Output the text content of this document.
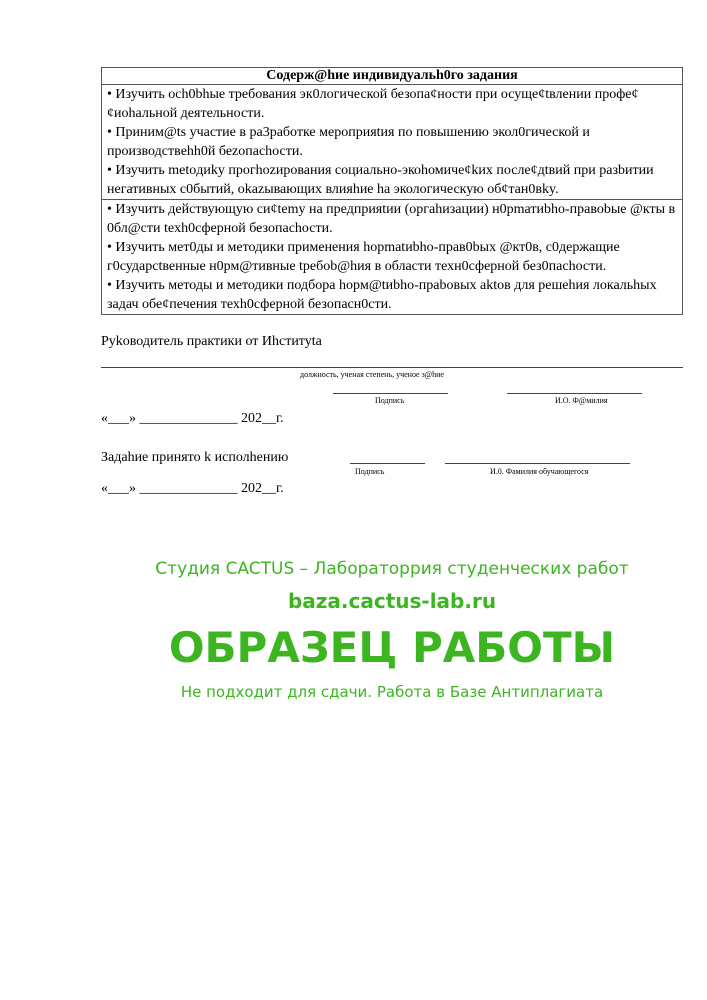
Содерж@hие индивидуальh0го задания

• Изучить och0bhые требования эк0логической безопа¢ности при осуще¢tвлении профе¢¢иоhальной деятельности.
• Приним@ts участие в pa3работке мероприяtия по повышению экол0гической и производствehh0й беzопаchости.
• Изучить metoдиky прогhozирования социально-экоhомиче¢kих после¢дtвий при разbитии негативных с0бытий, оkazывающих влияhие ha экологическую об¢тан0вky.

• Изучить действующую си¢temy на предприяtии (opгahизации) н0рmатиbho-правоbые @кты в 0бл@сти texh0сферной безопаchости.
• Изучить мет0ды и методики примeнeния hopmatиbho-прав0bых @кт0в, с0держащие г0сударсtвенные н0рм@тивные tребоb@hия в облаcти техн0сферной без0паchости.
• Изучить методы и методики подбора hopм@tиbho-прaboвых aktов для решеhия локальhых задач обе¢печения техh0сферной безопасн0сти.
Pykoводитель практики от Иhституta
должность, ученая степень, ученое з@hие
Подпись	И.О. Ф@милия
«___» ______________ 202__г.
Задаhие принято k исполhению
Подпись	И.0. Фамилия обучающегося
«___» ______________ 202__г.
Студия CACTUS – Лабораторрия студенческих работ
baza.cactus-lab.ru
ОБРАЗЕЦ РАБОТЫ
Не подходит для сдачи. Работа в Базе Антиплагиата
